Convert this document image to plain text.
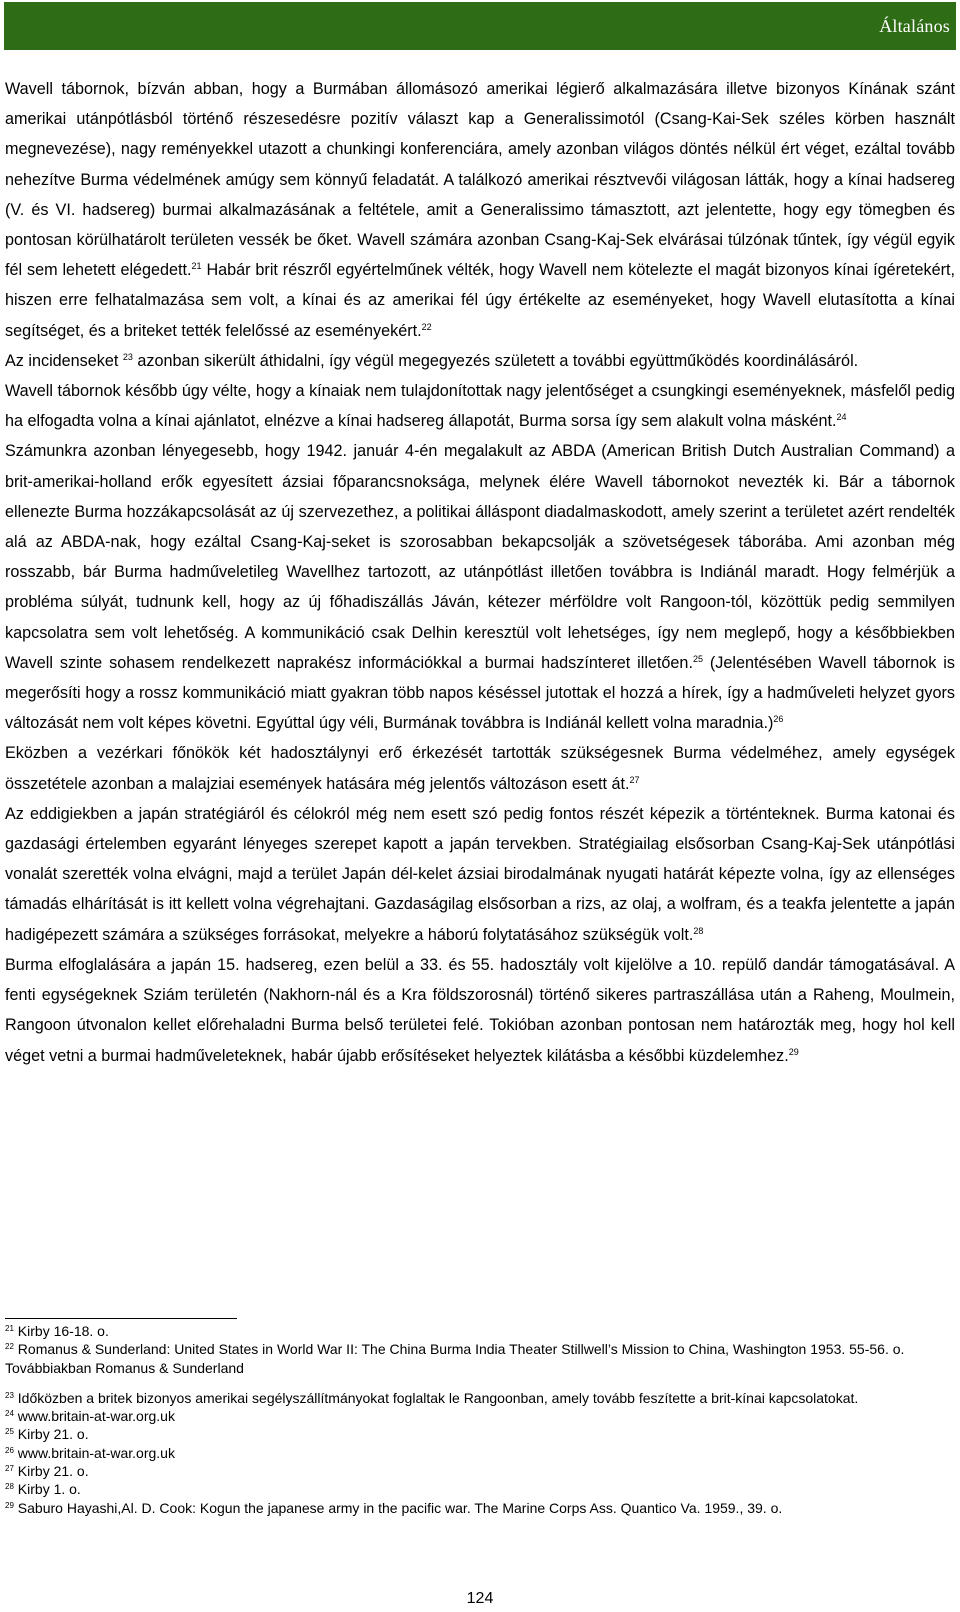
Általános

Wavell tábornok, bízván abban, hogy a Burmában állomásozó amerikai légierő alkalmazására illetve bizonyos Kínának szánt amerikai utánpótlásból történő részesedésre pozitív választ kap a Generalissimotól (Csang-Kai-Sek széles körben használt megnevezése), nagy reményekkel utazott a chunkingi konferenciára, amely azonban világos döntés nélkül ért véget, ezáltal tovább nehezítve Burma védelmének amúgy sem könnyű feladatát. A találkozó amerikai résztvevői világosan látták, hogy a kínai hadsereg (V. és VI. hadsereg) burmai alkalmazásának a feltétele, amit a Generalissimo támasztott, azt jelentette, hogy egy tömegben és pontosan körülhatárolt területen vessék be őket. Wavell számára azonban Csang-Kaj-Sek elvárásai túlzónak tűntek, így végül egyik fél sem lehetett elégedett.$^{21}$ Habár brit részről egyértelműnek vélték, hogy Wavell nem kötelezte el magát bizonyos kínai ígéretekért, hiszen erre felhatalmazása sem volt, a kínai és az amerikai fél úgy értékelte az eseményeket, hogy Wavell elutasította a kínai segítséget, és a briteket tették felelőssé az eseményekért.$^{22}$

Az incidenseket $^{23}$ azonban sikerült áthidalni, így végül megegyezés született a további együttműködés koordinálásáról.

Wavell tábornok később úgy vélte, hogy a kínaiak nem tulajdonítottak nagy jelentőséget a csungkingi eseményeknek, másfelől pedig ha elfogadta volna a kínai ajánlatot, elnézve a kínai hadsereg állapotát, Burma sorsa így sem alakult volna másként.$^{24}$

Számunkra azonban lényegesebb, hogy 1942. január 4-én megalakult az ABDA (American British Dutch Australian Command) a brit-amerikai-holland erők egyesített ázsiai főparancsnoksága, melynek élére Wavell tábornokot nevezték ki. Bár a tábornok ellenezte Burma hozzákapcsolását az új szervezethez, a politikai álláspont diadalmaskodott, amely szerint a területet azért rendelték alá az ABDA-nak, hogy ezáltal Csang-Kaj-seket is szorosabban bekapcsolják a szövetségesek táborába. Ami azonban még rosszabb, bár Burma hadműveletileg Wavellhez tartozott, az utánpótlást illetően továbbra is Indiánál maradt. Hogy felmérjük a probléma súlyát, tudnunk kell, hogy az új főhadiszállás Jáván, kétezer mérföldre volt Rangoon-tól, közöttük pedig semmilyen kapcsolatra sem volt lehetőség. A kommunikáció csak Delhin keresztül volt lehetséges, így nem meglepő, hogy a későbbiekben Wavell szinte sohasem rendelkezett naprakész információkkal a burmai hadszínteret illetően.$^{25}$ (Jelentésében Wavell tábornok is megerősíti hogy a rossz kommunikáció miatt gyakran több napos késéssel jutottak el hozzá a hírek, így a hadműveleti helyzet gyors változását nem volt képes követni. Egyúttal úgy véli, Burmának továbbra is Indiánál kellett volna maradnia.)$^{26}$

Eközben a vezérkari főnökök két hadosztálynyi erő érkezését tartották szükségesnek Burma védelméhez, amely egységek összetétele azonban a malajziai események hatására még jelentős változáson esett át.$^{27}$

Az eddigiekben a japán stratégiáról és célokról még nem esett szó pedig fontos részét képezik a történteknek. Burma katonai és gazdasági értelemben egyaránt lényeges szerepet kapott a japán tervekben. Stratégiailag elsősorban Csang-Kaj-Sek utánpótlási vonalát szerették volna elvágni, majd a terület Japán dél-kelet ázsiai birodalmának nyugati határát képezte volna, így az ellenséges támadás elhárítását is itt kellett volna végrehajtani. Gazdaságilag elsősorban a rizs, az olaj, a wolfram, és a teakfa jelentette a japán hadigépezett számára a szükséges forrásokat, melyekre a háború folytatásához szükségük volt.$^{28}$

Burma elfoglalására a japán 15. hadsereg, ezen belül a 33. és 55. hadosztály volt kijelölve a 10. repülő dandár támogatásával. A fenti egységeknek Sziám területén (Nakhorn-nál és a Kra földszorosnál) történő sikeres partraszállása után a Raheng, Moulmein, Rangoon útvonalon kellet előrehaladni Burma belső területei felé. Tokióban azonban pontosan nem határozták meg, hogy hol kell véget vetni a burmai hadműveleteknek, habár újabb erősítéseket helyeztek kilátásba a későbbi küzdelemhez.$^{29}$

$^{21}$ Kirby 16-18. o.

$^{22}$ Romanus & Sunderland: United States in World War II: The China Burma India Theater Stillwell’s Mission to China, Washington 1953. 55-56. o. Továbbiakban Romanus & Sunderland

$^{23}$ Időközben a britek bizonyos amerikai segélyszállítmányokat foglaltak le Rangoonban, amely tovább feszítette a brit-kínai kapcsolatokat.

$^{24}$ www.britain-at-war.org.uk

$^{25}$ Kirby 21. o.

$^{26}$ www.britain-at-war.org.uk

$^{27}$ Kirby 21. o.

$^{28}$ Kirby 1. o.

$^{29}$ Saburo Hayashi,Al. D. Cook: Kogun the japanese army in the pacific war. The Marine Corps Ass. Quantico Va. 1959., 39. o.

124
